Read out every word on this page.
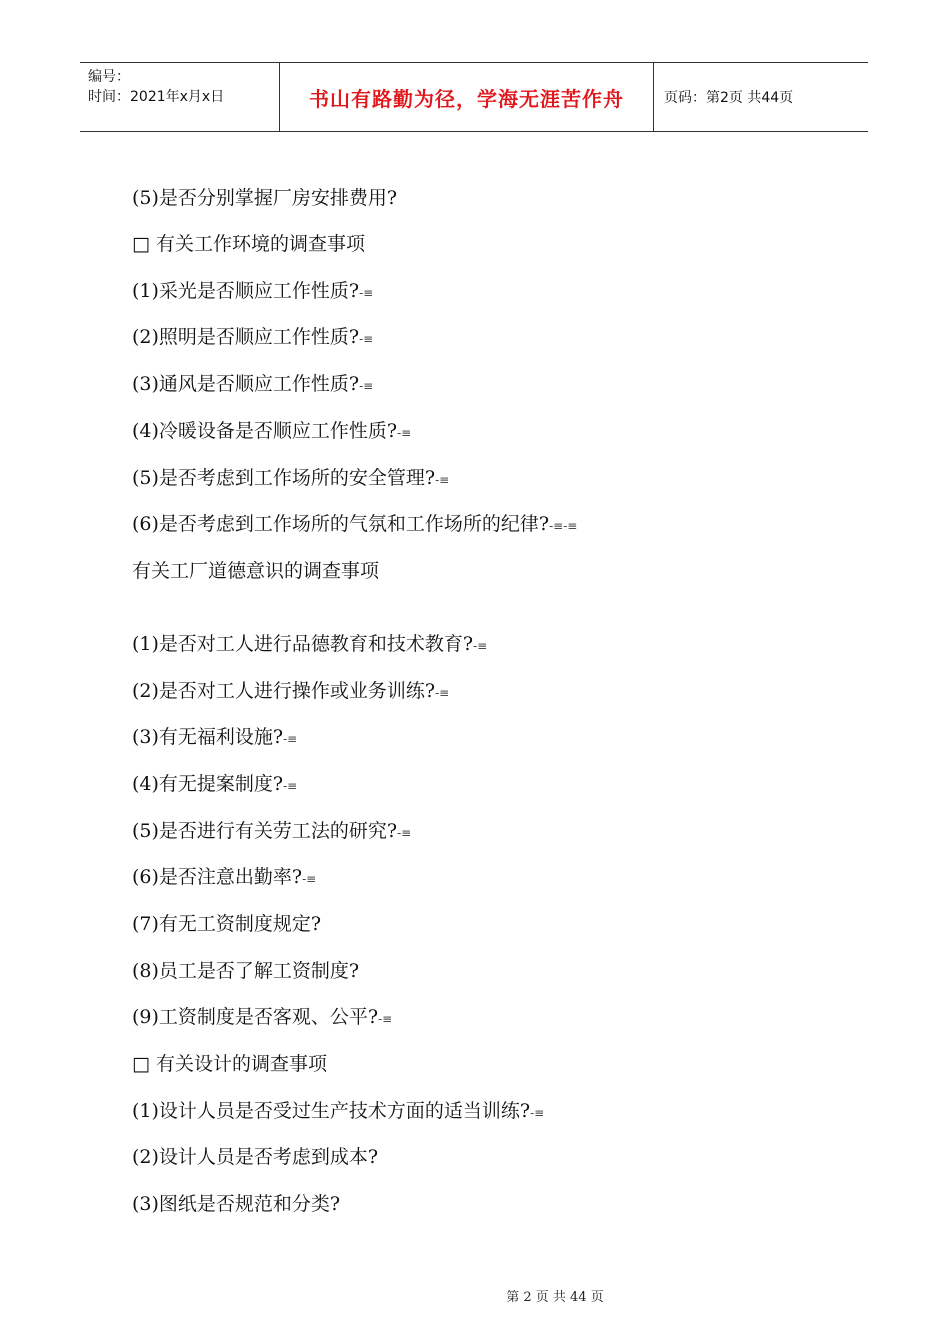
编号：
时间：2021年x月x日	书山有路勤为径，学海无涯苦作舟	页码：第2页 共44页
(5)是否分别掌握厂房安排费用?
□ 有关工作环境的调查事项
(1)采光是否顺应工作性质?-≡
(2)照明是否顺应工作性质?-≡
(3)通风是否顺应工作性质?-≡
(4)冷暖设备是否顺应工作性质?-≡
(5)是否考虑到工作场所的安全管理?-≡
(6)是否考虑到工作场所的气氛和工作场所的纪律?-≡-≡
有关工厂道德意识的调查事项
(1)是否对工人进行品德教育和技术教育?-≡
(2)是否对工人进行操作或业务训练?-≡
(3)有无福利设施?-≡
(4)有无提案制度?-≡
(5)是否进行有关劳工法的研究?-≡
(6)是否注意出勤率?-≡
(7)有无工资制度规定?
(8)员工是否了解工资制度?
(9)工资制度是否客观、公平?-≡
□ 有关设计的调查事项
(1)设计人员是否受过生产技术方面的适当训练?-≡
(2)设计人员是否考虑到成本?
(3)图纸是否规范和分类?
第 2 页 共 44 页
